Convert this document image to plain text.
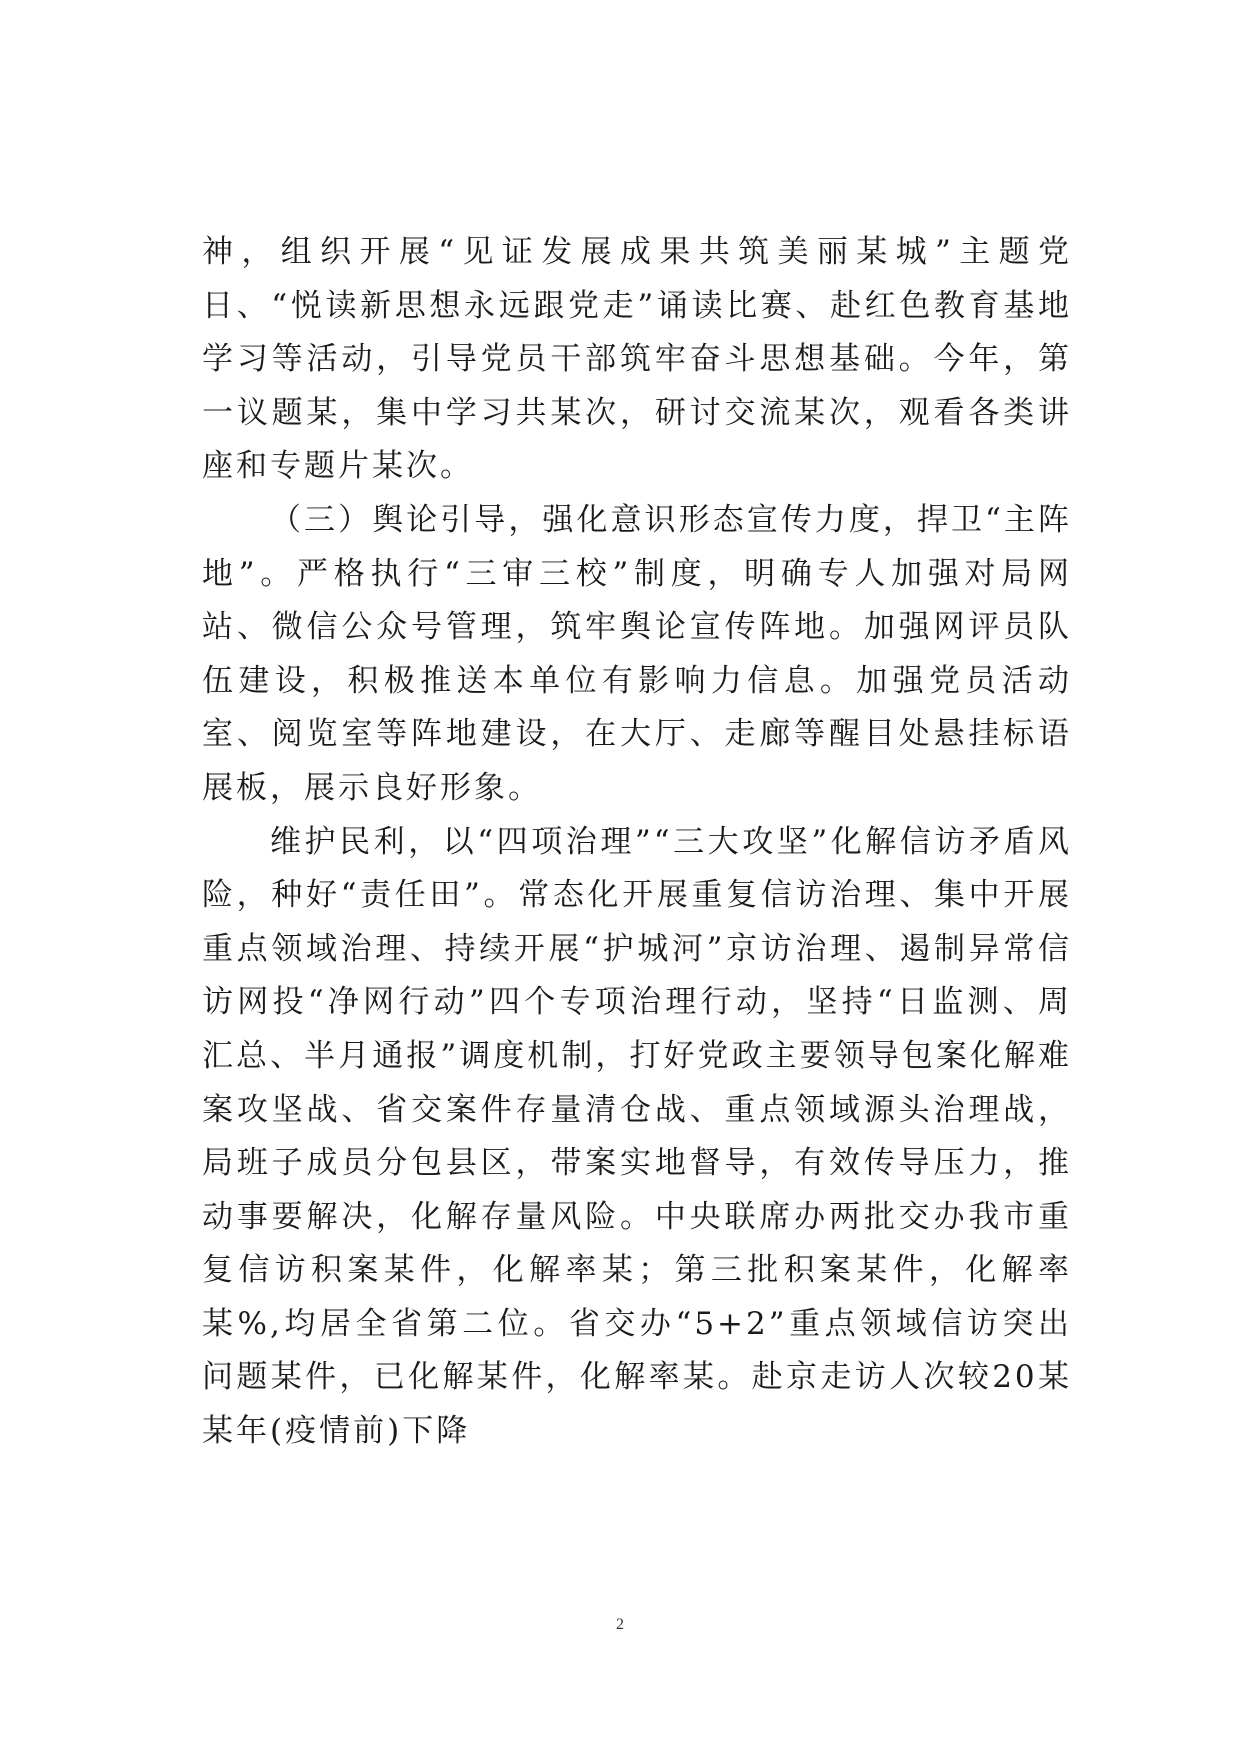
神，组织开展“见证发展成果共筑美丽某城”主题党日、“悦读新思想永远跟党走”诵读比赛、赴红色教育基地学习等活动，引导党员干部筑牢奋斗思想基础。今年，第一议题某，集中学习共某次，研讨交流某次，观看各类讲座和专题片某次。

（三）舆论引导，强化意识形态宣传力度，捍卫“主阵地”。严格执行“三审三校”制度，明确专人加强对局网站、微信公众号管理，筑牢舆论宣传阵地。加强网评员队伍建设，积极推送本单位有影响力信息。加强党员活动室、阅览室等阵地建设，在大厅、走廊等醒目处悬挂标语展板，展示良好形象。

维护民利，以“四项治理”“三大攻坚”化解信访矛盾风险，种好“责任田”。常态化开展重复信访治理、集中开展重点领域治理、持续开展“护城河”京访治理、遏制异常信访网投“净网行动”四个专项治理行动，坚持“日监测、周汇总、半月通报”调度机制，打好党政主要领导包案化解难案攻坚战、省交案件存量清仓战、重点领域源头治理战，局班子成员分包县区，带案实地督导，有效传导压力，推动事要解决，化解存量风险。中央联席办两批交办我市重复信访积案某件，化解率某；第三批积案某件，化解率某%,均居全省第二位。省交办“5+2”重点领域信访突出问题某件，已化解某件，化解率某。赴京走访人次较20某某年(疫情前)下降

2
